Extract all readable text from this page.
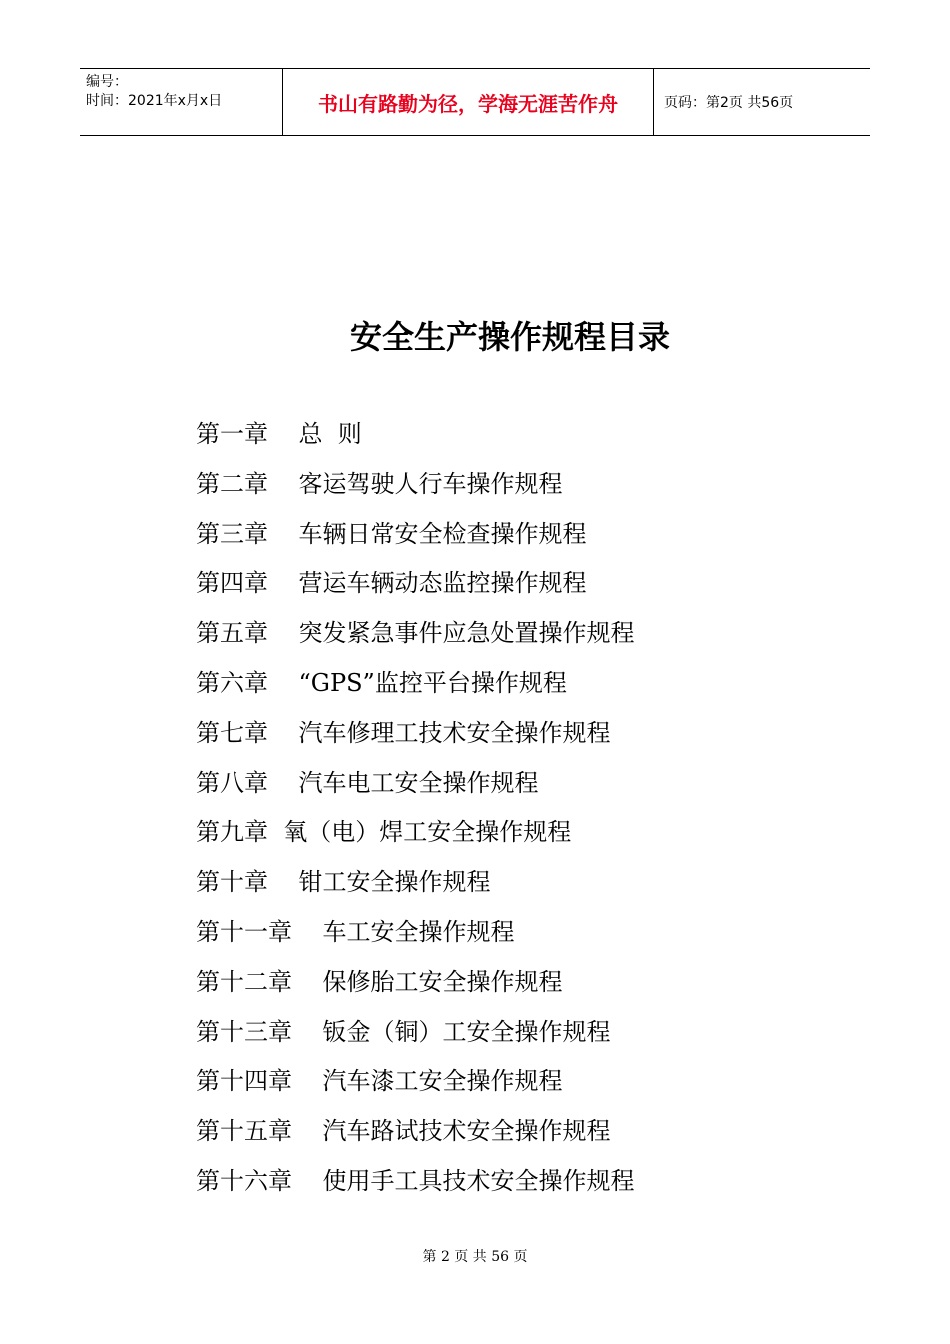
编号：
时间：2021年x月x日	书山有路勤为径，学海无涯苦作舟	页码：第2页 共56页
安全生产操作规程目录
第一章    总  则
第二章    客运驾驶人行车操作规程
第三章    车辆日常安全检查操作规程
第四章    营运车辆动态监控操作规程
第五章    突发紧急事件应急处置操作规程
第六章    “GPS”监控平台操作规程
第七章    汽车修理工技术安全操作规程
第八章    汽车电工安全操作规程
第九章  氧（电）焊工安全操作规程
第十章    钳工安全操作规程
第十一章    车工安全操作规程
第十二章    保修胎工安全操作规程
第十三章    钣金（铜）工安全操作规程
第十四章    汽车漆工安全操作规程
第十五章    汽车路试技术安全操作规程
第十六章    使用手工具技术安全操作规程
第 2 页 共 56 页
